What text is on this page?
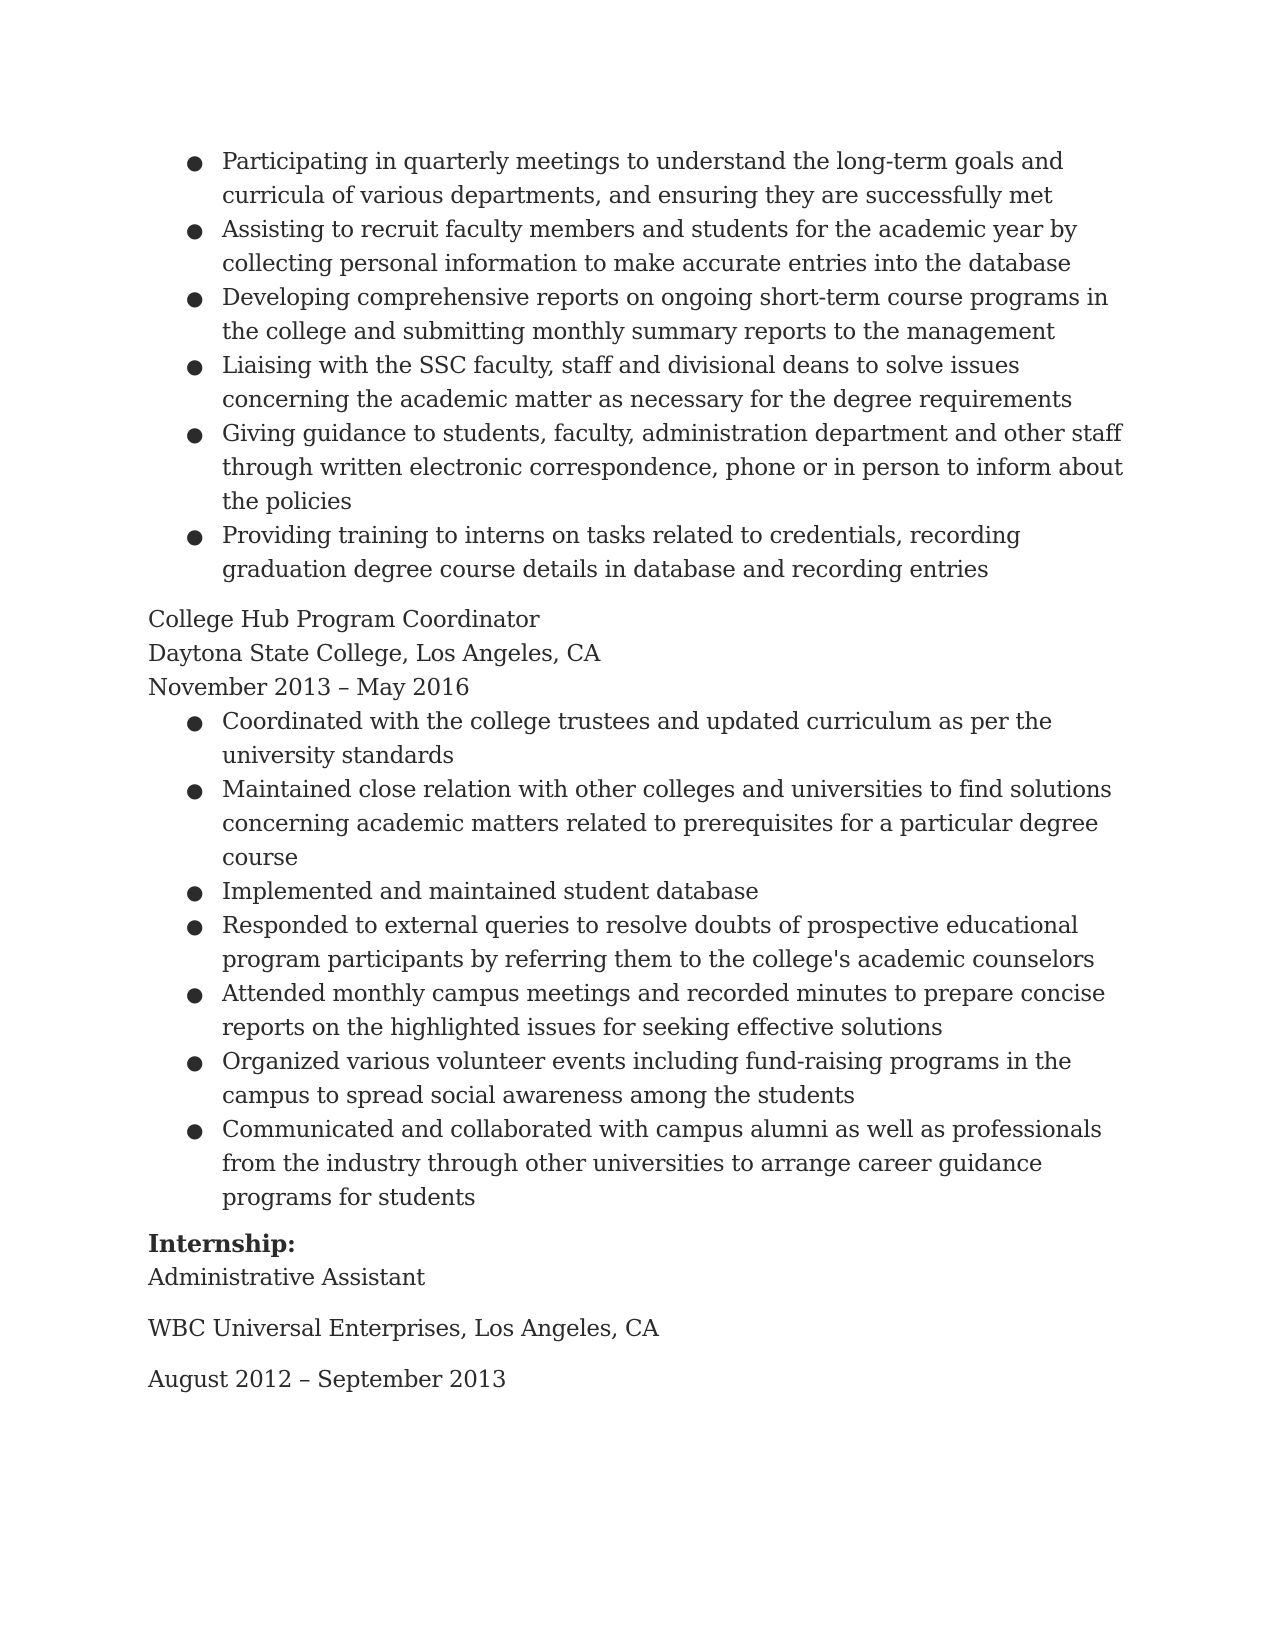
● Participating in quarterly meetings to understand the long-term goals and curricula of various departments, and ensuring they are successfully met
● Assisting to recruit faculty members and students for the academic year by collecting personal information to make accurate entries into the database
● Developing comprehensive reports on ongoing short-term course programs in the college and submitting monthly summary reports to the management
● Liaising with the SSC faculty, staff and divisional deans to solve issues concerning the academic matter as necessary for the degree requirements
● Giving guidance to students, faculty, administration department and other staff through written electronic correspondence, phone or in person to inform about the policies
● Providing training to interns on tasks related to credentials, recording graduation degree course details in database and recording entries
College Hub Program Coordinator
Daytona State College, Los Angeles, CA
November 2013 – May 2016
● Coordinated with the college trustees and updated curriculum as per the university standards
● Maintained close relation with other colleges and universities to find solutions concerning academic matters related to prerequisites for a particular degree course
● Implemented and maintained student database
● Responded to external queries to resolve doubts of prospective educational program participants by referring them to the college's academic counselors
● Attended monthly campus meetings and recorded minutes to prepare concise reports on the highlighted issues for seeking effective solutions
● Organized various volunteer events including fund-raising programs in the campus to spread social awareness among the students
● Communicated and collaborated with campus alumni as well as professionals from the industry through other universities to arrange career guidance programs for students
Internship:
Administrative Assistant
WBC Universal Enterprises, Los Angeles, CA
August 2012 – September 2013
